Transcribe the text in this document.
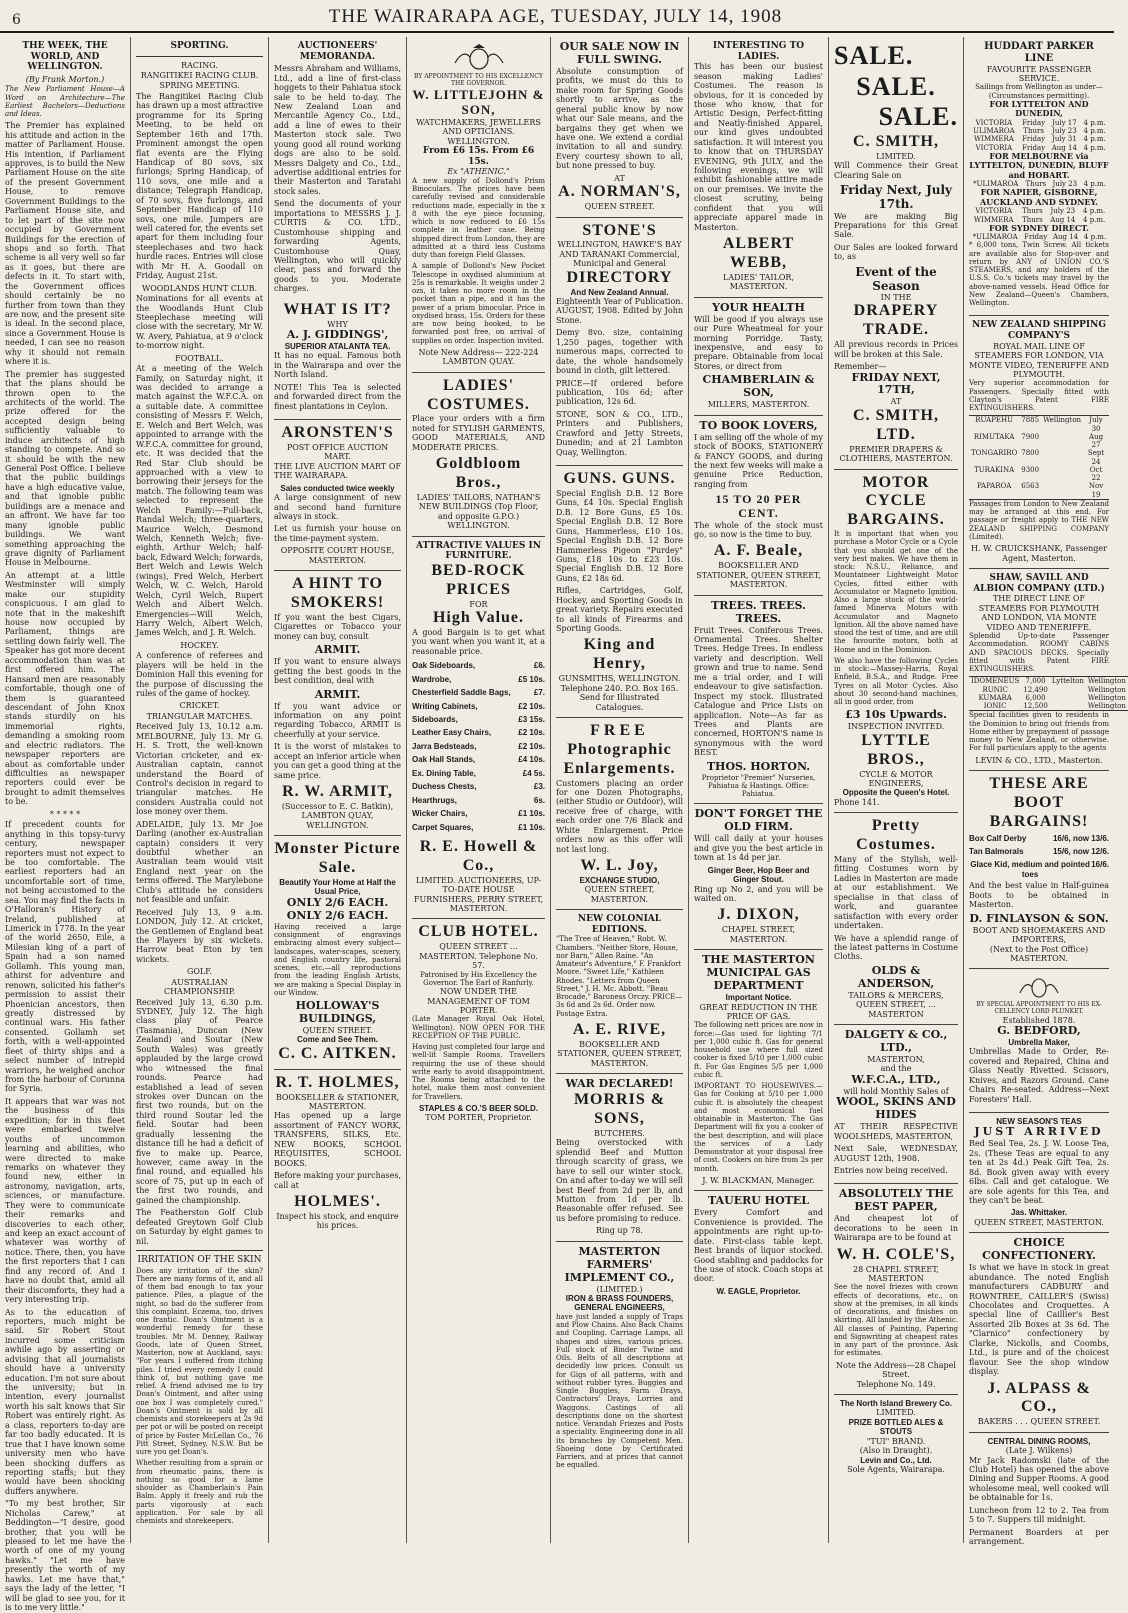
6	THE WAIRARAPA AGE, TUESDAY, JULY 14, 1908
THE WEEK, THE WORLD, AND WELLINGTON.
(By Frank Morton.)

The New Parliament House—A Word on Architecture—The Earliest Bachelors—Deductions and Ideas.

The Premier has explained his attitude and action in the matter of Parliament House. His intention, if Parliament approves, is to build the New Parliament House on the site of the present Government House, to remove Government Buildings to the Parliament House site, and to let part of the site now occupied by Government Buildings for the erection of shops and so forth. That scheme is all very well so far as it goes, but there are defects in it. To start with, the Government offices should certainly be no further from town than they are now, and the present site is ideal. In the second place, since a Government House is needed, I can see no reason why it should not remain where it is.

The premier has suggested that the plans should be thrown open to the architects of the world. The prize offered for the accepted design being sufficiently valuable to induce architects of high standing to compete. And so it should be with the new General Post Office. I believe that the public buildings have a high educative value, and that ignoble public buildings are a menace and an affront. We have far too many ignoble public buildings. We want something approaching the grave dignity of Parliament House in Melbourne.

An attempt at a little Westminster will simply make our stupidity conspicuous. I am glad to note that in the makeshift house now occupied by Parliament, things are settling down fairly well. The Speaker has got more decent accommodation than was at first offered him. The Hansard men are reasonably comfortable, though one of them is guaranteed descendant of John Knox stands sturdily on his immemorial rights, demanding a smoking room and electric radiators. The newspaper reporters are about as comfortable under difficulties as newspaper reporters could ever be brought to admit themselves to be.

* * * * *

If precedent counts for anything in this topsy-turvy century, newspaper reporters must not expect to be too comfortable. The earliest reporters had an uncomfortable sort of time, not being accustomed to the sea. You may find the facts in O'Halloran's History of Ireland, published at Limerick in 1778. In the year of the world 2650, Eile, a Milesian king of a part of Spain had a son named Gollamh. This young man, athirst for adventure and renown, solicited his father's permission to assist their Phoenician ancestors, then greatly distressed by continual wars. His father consented. Gollamh set forth, with a well-appointed fleet of thirty ships and a select number of intrepid warriors, he weighed anchor from the harbour of Corunna for Syria.

It appears that war was not the business of this expedition; for in this fleet were embarked twelve youths of uncommon learning and abilities, who were directed to make remarks on whatever they found new, either in astronomy, navigation, arts, sciences, or manufacture. They were to communicate their remarks and discoveries to each other, and keep an exact account of whatever was worthy of notice. There, then, you have the first reporters that I can find any record of. And I have no doubt that, amid all their discomforts, they had a very interesting trip.

As to the education of reporters, much might be said. Sir Robert Stout incurred some criticism awhile ago by asserting or advising that all journalists should have a university education. I'm not sure about the university; but in intention, every journalist worth his salt knows that Sir Robert was entirely right. As a class, reporters to-day are far too badly educated. It is true that I have known some university men who have been shocking duffers as reporting staffs; but they would have been shocking duffers anywhere.

"To my best brother, Sir Nicholas Carew," at Beddington—"I desire, good brother, that you will be pleased to let me have the worth of one of my young hawks." "Let me have presently the worth of my hawks. Let me have that," says the lady of the letter, "I will be glad to see you, for it is to me very little."

SPORTING.
RACING.
RANGITIKEI RACING CLUB.
SPRING MEETING.

The Rangitikei Racing Club has drawn up a most attractive programme for its Spring Meeting, to be held on September 16th and 17th. Prominent amongst the open flat events are the Flying Handicap of 80 sovs, six furlongs; Spring Handicap, of 110 sovs, one mile and a distance; Telegraph Handicap, of 70 sovs, five furlongs, and September Handicap of 110 sovs, one mile. Jumpers are well catered for, the events set apart for them including four steeplechases and two hack hurdle races. Entries will close with Mr H. A. Goodall on Friday, August 21st.

WOODLANDS HUNT CLUB.

Nominations for all events at the Woodlands Hunt Club Steeplechase meeting will close with the secretary, Mr W. W. Avery, Pahiatua, at 9 o'clock to-morrow night.

FOOTBALL.

At a meeting of the Welch Family, on Saturday night, it was decided to arrange a match against the W.F.C.A. on a suitable date. A committee consisting of Messrs F. Welch, E. Welch and Bert Welch, was appointed to arrange with the W.F.C.A. committee for ground, etc. It was decided that the Red Star Club should be approached with a view to borrowing their jerseys for the match. The following team was selected to represent the Welch Family:—Full-back, Randal Welch; three-quarters, Maurice Welch, Desmond Welch, Kenneth Welch; five-eighth, Arthur Welch; half-back, Edward Welch; forwards, Bert Welch and Lewis Welch (wings), Fred Welch, Herbert Welch, W. C. Welch, Harold Welch, Cyril Welch, Rupert Welch and Albert Welch. Emergencies—Will Welch, Harry Welch, Albert Welch, James Welch, and J. R. Welch.

HOCKEY.

A conference of referees and players will be held in the Dominion Hall this evening for the purpose of discussing the rules of the game of hockey.

CRICKET.
TRIANGULAR MATCHES.

Received July 13, 10.12 a.m. MELBOURNE, July 13. Mr G. H. S. Trott, the well-known Victorian cricketer, and ex-Australian captain, cannot understand the Board of Control's decision in regard to triangular matches. He considers Australia could not lose money over them.

ADELAIDE, July 13. Mr Joe Darling (another ex-Australian captain) considers it very doubtful whether an Australian team would visit England next year on the terms offered. The Marylebone Club's attitude he considers not feasible and unfair.

Received July 13, 9 a.m. LONDON, July 12. At cricket, the Gentlemen of England beat the Players by six wickets. Harrow beat Eton by ten wickets.

GOLF.
AUSTRALIAN CHAMPIONSHIP.

Received July 13, 6.30 p.m. SYDNEY, July 12. The high class play of Pearce (Tasmania), Duncan (New Zealand) and Soutar (New South Wales) was greatly applauded by the large crowd who witnessed the final rounds. Pearce had established a lead of seven strokes over Duncan on the first two rounds, but on the third round Soutar led the field. Soutar had been gradually lessening the distance till he had a deficit of five to make up. Pearce, however, came away in the final round, and equalled his score of 75, put up in each of the first two rounds, and gained the championship.

The Featherston Golf Club defeated Greytown Golf Club on Saturday by eight games to nil.

IRRITATION OF THE SKIN

Does any irritation of the skin? There are many forms of it, and all of them bad enough to tax your patience. Piles, a plague of the night, so bad do the sufferer from this complaint. Eczema, too, drives one frantic. Doan's Ointment is a wonderful remedy for these troubles. Mr M. Denney, Railway Goods, late of Queen Street, Masterton, now at Auckland, says: "For years I suffered from itching piles. I tried every remedy I could think of, but nothing gave me relief. A friend advised me to try Doan's Ointment, and after using one box I was completely cured." Doan's Ointment is sold by all chemists and storekeepers at 2s 9d per pot or will be posted on receipt of price by Foster McLellan Co., 76 Pitt Street, Sydney, N.S.W. But be sure you get Doan's.

Whether resulting from a sprain or from rheumatic pains, there is nothing so good for a lame shoulder as Chamberlain's Pain Balm. Apply it freely and rub the parts vigorously at each application. For sale by all chemists and storekeepers.

AUCTIONEERS' MEMORANDA.

Messrs Abraham and Williams, Ltd., add a line of first-class hoggets to their Pahiatua stock sale to be held to-day. The New Zealand Loan and Mercantile Agency Co., Ltd., add a line of ewes to their Masterton stock sale. Two young good all round working dogs are also to be sold. Messrs Dalgety and Co., Ltd., advertise additional entries for their Masterton and Taratahi stock sales.

Send the documents of your importations to MESSRS J. J. CURTIS & CO. LTD., Customhouse shipping and forwarding Agents, Customhouse Quay, Wellington, who will quickly clear, pass and forward the goods to you. Moderate charges.

WHAT IS IT?
WHY
A. J. GIDDINGS',
SUPERIOR ATALANTA TEA.

It has no equal. Famous both in the Wairarapa and over the North Island.

NOTE! This Tea is selected and forwarded direct from the finest plantations in Ceylon.

ARONSTEN'S
POST OFFICE AUCTION MART.

THE LIVE AUCTION MART OF THE WAIRARAPA.

Sales conducted twice weekly

A large consignment of new and second hand furniture always in stock.

Let us furnish your house on the time-payment system.

OPPOSITE COURT HOUSE, MASTERTON.
A HINT TO SMOKERS!

If you want the best Cigars, Cigarettes or Tobacco your money can buy, consult

ARMIT.

If you want to ensure always getting the best goods in the best condition, deal with

ARMIT.

If you want advice or information on any point regarding Tobacco, ARMIT is cheerfully at your service.

It is the worst of mistakes to accept an inferior article when you can get a good thing at the same price.

R. W. ARMIT,
(Successor to E. C. Batkin), LAMBTON QUAY, WELLINGTON.
Monster Picture Sale.
Beautify Your Home at Half the Usual Price,
ONLY 2/6 EACH.
ONLY 2/6 EACH.

Having received a large consignment of engravings embracing almost every subject—landscapes, water-scapes, scenery, and English country life, pastoral scenes, etc.—all reproductions from the leading English Artists, we are making a Special Display in our Window.

HOLLOWAY'S BUILDINGS,
QUEEN STREET.
Come and See Them.
C. C. AITKEN.
R. T. HOLMES,
BOOKSELLER & STATIONER, MASTERTON.

Has opened up a large assortment of FANCY WORK, TRANSFERS, SILKS, Etc. NEW BOOKS, SCHOOL REQUISITES, SCHOOL BOOKS.

Before making your purchases, call at

HOLMES'.
Inspect his stock, and enquire his prices.
BY APPOINTMENT TO HIS EXCELLENCY THE GOVERNOR.
W. LITTLEJOHN & SON,
WATCHMAKERS, JEWELLERS AND OPTICIANS.
WELLINGTON.
From £6 15s. From £6 15s.
Ex "ATHENIC."

A new supply of Dollond's Prism Binoculars. The prices have been carefully revised and considerable reductions made, especially in the x 8 with the eye piece focussing, which is now reduced to £6 15s complete in leather case. Being shipped direct from London, they are admitted at a third less Customs duty than foreign Field Glasses.

A sample of Dollond's New Pocket Telescope in oxydised aluminium at 25s is remarkable. It weighs under 2 ozs, it takes no more room in the pocket than a pipe, and it has the power of a prism binocular. Price in oxydised brass, 15s. Orders for these are now being booked, to be forwarded post free, on arrival of supplies on order. Inspection invited.

Note New Address— 222-224 LAMBTON QUAY.
LADIES' COSTUMES.

Place your orders with a firm noted for STYLISH GARMENTS, GOOD MATERIALS, AND MODERATE PRICES.

Goldbloom Bros.,
LADIES' TAILORS, NATHAN'S NEW BUILDINGS (Top Floor, and opposite G.P.O.) WELLINGTON.
ATTRACTIVE VALUES IN FURNITURE.
BED-ROCK PRICES
FOR
High Value.

A good Bargain is to get what you want when you want it, at a reasonable price.

Oak Sideboards,	£6.
Wardrobe,	£5 10s.
Chesterfield Saddle Bags,	£7.
Writing Cabinets,	£2 10s.
Sideboards,	£3 15s.
Leather Easy Chairs,	£2 10s.
Jarra Bedsteads,	£2 10s.
Oak Hall Stands,	£4 10s.
Ex. Dining Table,	£4 5s.
Duchess Chests,	£3.
Hearthrugs,	6s.
Wicker Chairs,	£1 10s.
Carpet Squares,	£1 10s.
R. E. Howell & Co.,
LIMITED. AUCTIONEERS, UP-TO-DATE HOUSE FURNISHERS, PERRY STREET, MASTERTON.
CLUB HOTEL.
QUEEN STREET ... MASTERTON. Telephone No. 57.
Patronised by His Excellency the Governor. The Earl of Ranfurly.
NOW UNDER THE MANAGEMENT OF TOM PORTER.

(Late Manager Royal Oak Hotel, Wellington). NOW OPEN FOR THE RECEPTION OF THE PUBLIC.

Having just completed four large and well-lit Sample Rooms, Travellers requiring the use of these should write early to avoid disappointment. The Rooms being attached to the hotel, make them most convenient for Travellers.

STAPLES & CO.'S BEER SOLD.
TOM PORTER, Proprietor.
OUR SALE NOW IN FULL SWING.

Absolute consumption of profits, we must do this to make room for Spring Goods shortly to arrive, as the general public know by now what our Sale means, and the bargains they get when we have one. We extend a cordial invitation to all and sundry. Every courtesy shown to all, but none pressed to buy.

AT
A. NORMAN'S,
QUEEN STREET.
STONE'S
WELLINGTON, HAWKE'S BAY AND TARANAKI Commercial, Municipal and General
DIRECTORY
And New Zealand Annual.

Eighteenth Year of Publication. AUGUST, 1908. Edited by John Stone.

Demy 8vo. size, containing 1,250 pages, together with numerous maps, corrected to date, the whole handsomely bound in cloth, gilt lettered.

PRICE—If ordered before publication, 10s 6d; after publication, 12s 6d.

STONE, SON & CO., LTD., Printers and Publishers, Crawford and Jetty Streets, Dunedin; and at 21 Lambton Quay, Wellington.

GUNS. GUNS.

Special English D.B. 12 Bore Guns, £4 10s. Special English D.B. 12 Bore Guns, £5 10s. Special English D.B. 12 Bore Guns, Hammerless, £10 10s. Special English D.B. 12 Bore Hammerless Pigeon "Purdey" Guns, £18 10s to £23 10s. Special English D.B. 12 Bore Guns, £2 18s 6d.

Rifles, Cartridges, Golf, Hockey, and Sporting Goods in great variety. Repairs executed to all kinds of Firearms and Sporting Goods.

King and Henry,
GUNSMITHS, WELLINGTON. Telephone 240. P.O. Box 165. Send for Illustrated Catalogues.
FREE
Photographic Enlargements.

Customers placing an order for one Dozen Photographs, (either Studio or Outdoor), will receive free of charge, with each order one 7/6 Black and White Enlargement. Price orders now as this offer will not last long.

W. L. Joy,
EXCHANGE STUDIO,
QUEEN STREET, MASTERTON.
NEW COLONIAL EDITIONS.

"The Tree of Heaven," Robt. W. Chambers. "Neither Store, House, nor Barn," Allen Raine. "An Amateur's Adventure," F. Frankfort Moore. "Sweet Life," Kathleen Rhodes. "Letters from Queen Street," J. H. Mc. Abbott. "Beau Brocade," Baroness Orczy. PRICE—3s 6d and 2s 6d. Order now. Postage Extra.

A. E. RIVE,
BOOKSELLER AND STATIONER, QUEEN STREET, MASTERTON.
WAR DECLARED!
MORRIS & SONS,
BUTCHERS.

Being overstocked with splendid Beef and Mutton through scarcity of grass, we have to sell our winter stock. On and after to-day we will sell best Beef from 2d per lb, and Mutton from 1d per lb. Reasonable offer refused. See us before promising to reduce.

Ring up 78.
MASTERTON FARMERS' IMPLEMENT CO.,
(LIMITED.)
IRON & BRASS FOUNDERS,
GENERAL ENGINEERS,

have just landed a supply of Traps and Plow Chains. Also Back Chains and Coupling. Carriage Lamps, all shapes and sizes, various prices. Full stock of Binder Twine and Oils. Belts of all descriptions at decidedly low prices. Consult us for Gigs of all patterns, with and without rubber tyres. Buggies and Single Buggies, Farm Drays, Contractors' Drays, Lorries and Waggons. Castings of all descriptions done on the shortest notice. Verandah Friezes and Posts a speciality. Engineering done in all its branches by Competent Men. Shoeing done by Certificated Farriers, and at prices that cannot be equalled.

INTERESTING TO LADIES.

This has been our busiest season making Ladies' Costumes. The reason is obvious, for it is conceded by those who know, that for Artistic Design, Perfect-fitting and Neatly-finished Apparel, our kind gives undoubted satisfaction. It will interest you to know that on THURSDAY EVENING, 9th JULY, and the following evenings, we will exhibit fashionable attire made on our premises. We invite the closest scrutiny, being confident that you will appreciate apparel made in Masterton.

ALBERT WEBB,
LADIES' TAILOR, MASTERTON.
YOUR HEALTH

Will be good if you always use our Pure Wheatmeal for your morning Porridge. Tasty, inexpensive, and easy to prepare. Obtainable from local Stores, or direct from

CHAMBERLAIN & SON,
MILLERS, MASTERTON.
TO BOOK LOVERS,

I am selling off the whole of my stock of BOOKS, STATIONERY & FANCY GOODS, and during the next few weeks will make a genuine Price Reduction, ranging from

15 TO 20 PER CENT.

The whole of the stock must go, so now is the time to buy.

A. F. Beale,
BOOKSELLER AND STATIONER, QUEEN STREET, MASTERTON.
TREES. TREES. TREES.

Fruit Trees. Coniferous Trees. Ornamental Trees. Shelter Trees. Hedge Trees. In endless variety and description. Well grown and true to name. Send me a trial order, and I will endeavour to give satisfaction. Inspect my stock. Illustrated Catalogue and Price Lists on application. Note—As far as Trees and Plants are concerned, HORTON'S name is synonymous with the word BEST.

THOS. HORTON.
Proprietor "Premier" Nurseries, Pahiatua & Hastings. Office: Pahiatua.
DON'T FORGET THE OLD FIRM.

Will call daily at your houses and give you the best article in town at 1s 4d per jar.

Ginger Beer, Hop Beer and Ginger Stout.

Ring up No 2, and you will be waited on.

J. DIXON,
CHAPEL STREET, MASTERTON.
THE MASTERTON MUNICIPAL GAS DEPARTMENT
Important Notice.
GREAT REDUCTION IN THE PRICE OF GAS.

The following nett prices are now in force:—Gas used for lighting 7/1 per 1,000 cubic ft. Gas for general household use where full sized cooker is fixed 5/10 per 1,000 cubic ft. For Gas Engines 5/5 per 1,000 cubic ft.

IMPORTANT TO HOUSEWIVES.—Gas for Cooking at 5/10 per 1,000 cubic ft. is absolutely the cheapest and most economical fuel obtainable in Masterton. The Gas Department will fix you a cooker of the best description, and will place the services of a Lady Demonstrator at your disposal free of cost. Cookers on hire from 2s per month.

J. W. BLACKMAN, Manager.
TAUERU HOTEL

Every Comfort and Convenience is provided. The appointments are right up-to-date. First-class table kept. Best brands of liquor stocked. Good stabling and paddocks for the use of stock. Coach stops at door.

W. EAGLE, Proprietor.
SALE.
SALE.
SALE.
C. SMITH,
LIMITED.

Will Commence their Great Clearing Sale on

Friday Next, July 17th.

We are making Big Preparations for this Great Sale.

Our Sales are looked forward to, as

Event of the Season
IN THE
DRAPERY TRADE.

All previous records in Prices will be broken at this Sale.

Remember—
FRIDAY NEXT, 17TH,
AT
C. SMITH, LTD.
PREMIER DRAPERS & CLOTHIERS, MASTERTON.
MOTOR CYCLE BARGAINS.

It is important that when you purchase a Motor Cycle or a Cycle that you should get one of the very best makes. We have them in stock: N.S.U., Reliance, and Mountaineer Lightweight Motor Cycles, fitted either with Accumulator or Magneto Ignition. Also a large stock of the world-famed Minerva Motors with Accumulator and Magneto Ignition. All the above named have stood the test of time, and are still the favourite motors, both at Home and in the Dominion.

We also have the following Cycles in stock:—Massey-Harris, Royal Enfield, B.S.A., and Rudge. Free Tyres on all Motor Cycles. Also about 30 second-hand machines, all in good order, from

£3 10s Upwards.
INSPECTION INVITED.
LYTTLE BROS.,
CYCLE & MOTOR ENGINEERS,
Opposite the Queen's Hotel.
Phone 141.
Pretty Costumes.

Many of the Stylish, well-fitting Costumes worn by Ladies in Masterton are made at our establishment. We specialise in that class of work, and guarantee satisfaction with every order undertaken.

We have a splendid range of the latest patterns in Costume Cloths.

OLDS & ANDERSON,
TAILORS & MERCERS,
QUEEN STREET, ... MASTERTON
DALGETY & CO., LTD.,
MASTERTON,
and the
W.F.C.A., LTD.,
will hold Monthly Sales of
WOOL, SKINS AND HIDES

AT THEIR RESPECTIVE WOOLSHEDS, MASTERTON,

Next Sale, WEDNESDAY, AUGUST 12th, 1908.

Entries now being received.

ABSOLUTELY THE BEST PAPER,

And cheapest lot of decorations to be seen in Wairarapa are to be found at

W. H. COLE'S,
28 CHAPEL STREET, MASTERTON

See the novel friezes with crown effects of decorations, etc., on show at the premises, in all kinds of decorations, and finishes on skirting. All landed by the Athenic. All classes of Painting, Papering and Signwriting at cheapest rates in any part of the province. Ask for estimates.

Note the Address—28 Chapel Street.
Telephone No. 149.
The North Island Brewery Co.
LIMITED.
PRIZE BOTTLED ALES & STOUTS
"TUI" BRAND.
(Also in Draught).
Levin and Co., Ltd.
Sole Agents, Wairarapa.
HUDDART PARKER LINE
FAVOURITE PASSENGER SERVICE.
Sailings from Wellington as under— (Circumstances permitting).
FOR LYTTELTON AND DUNEDIN,
VICTORIA	Friday	July 17	4 p.m.
ULIMAROA	Thurs	July 23	4 p.m.
WIMMERA	Friday	July 31	4 p.m.
VICTORIA	Friday	Aug 14	4 p.m.
FOR MELBOURNE via LYTTELTON, DUNEDIN, BLUFF and HOBART.
*ULIMAROA	Thurs	July 23	4 p.m.
FOR NAPIER, GISBORNE, AUCKLAND AND SYDNEY.
VICTORIA	Thurs	July 23	4 p.m.
WIMMERA	Thurs	Aug 14	4 p.m.
FOR SYDNEY DIRECT.
*ULIMAROA	Friday	Aug 14	4 p.m.

* 6,000 tons, Twin Screw. All tickets are available also for Stop-over and return by ANY of UNION CO.'S STEAMERS, and any holders of the U.S.S. Co.'s tickets may travel by the above-named vessels. Head Office for New Zealand—Queen's Chambers, Wellington.

NEW ZEALAND SHIPPING COMPANY'S
ROYAL MAIL LINE OF STEAMERS FOR LONDON, VIA MONTE VIDEO, TENERIFFE AND PLYMOUTH.

Very superior accommodation for Passengers. Specially fitted with Clayton's Patent FIRE EXTINGUISHERS.

RUAPEHU	7885	Wellington	July 30
RIMUTAKA	7900		Aug 27
TONGARIRO	7800		Sept 24
TURAKINA	9300		Oct 22
PAPAROA	6563		Nov 19

Passages from London to New Zealand may be arranged at this end. For passage or freight apply to THE NEW ZEALAND SHIPPING COMPANY (Limited).

H. W. CRUICKSHANK, Passenger Agent, Masterton.
SHAW, SAVILL AND ALBION COMPANY (LTD.)
THE DIRECT LINE OF STEAMERS FOR PLYMOUTH AND LONDON, VIA MONTE VIDEO AND TENERIFFE.

Splendid Up-to-date Passenger Accommodation. ROOMY CABINS AND SPACIOUS DECKS. Specially fitted with Patent FIRE EXTINGUISHERS.

IDOMENEUS	7,000	Lyttelton	Wellington
RUNIC	12,490		Wellington
KUMARA	6,000		Wellington
IONIC	12,500		Wellington

Special facilities given to residents in the Dominion to bring out friends from Home either by prepayment of passage money to New Zealand, or otherwise. For full particulars apply to the agents

LEVIN & CO., LTD., Masterton.
THESE ARE BOOT BARGAINS!
Box Calf Derby	16/6, now 13/6.
Tan Balmorals	15/6, now 12/6.
Glace Kid, medium and pointed toes
16/6.

And the best value in Half-guinea Boots to be obtained in Masterton.

D. FINLAYSON & SON.
BOOT AND SHOEMAKERS AND IMPORTERS,
(Next to the Post Office) MASTERTON.
BY SPECIAL APPOINTMENT TO HIS EX-CELLENCY LORD PLUNKET.
Established 1878.
G. BEDFORD,
Umbrella Maker,

Umbrellas Made to Order, Re-covered and Repaired, China and Glass Neatly Rivetted. Scissors, Knives, and Razors Ground. Cane Chairs Re-seated. Address—Next Foresters' Hall.

NEW SEASON'S TEAS
JUST ARRIVED

Red Seal Tea, 2s. J. W. Loose Tea, 2s. (These Teas are equal to any ten at 2s 4d.) Peak Gift Tea, 2s. 8d. Book given away with every 6lbs. Call and get catalogue. We are sole agents for this Tea, and they can't be beat.

Jas. Whittaker.
QUEEN STREET, MASTERTON.
CHOICE CONFECTIONERY.

Is what we have in stock in great abundance. The noted English manufacturers CADBURY and ROWNTREE, CAILLER'S (Swiss) Chocolates and Croquettes. A special line of Caillier's Best Assorted 2lb Boxes at 3s 6d. The "Clarnico" confectionery by Clarke, Nickolls, and Coombs, Ltd., is pure and of the choicest flavour. See the shop window display.

J. ALPASS & CO.,
BAKERS . . . QUEEN STREET.
CENTRAL DINING ROOMS,
(Late J. Wilkens)

Mr Jack Radomski (late of the Club Hotel) has opened the above Dining and Supper Rooms. A good wholesome meal, well cooked will be obtainable for 1s.

Luncheon from 12 to 2. Tea from 5 to 7. Suppers till midnight.

Permanent Boarders at per arrangement.
